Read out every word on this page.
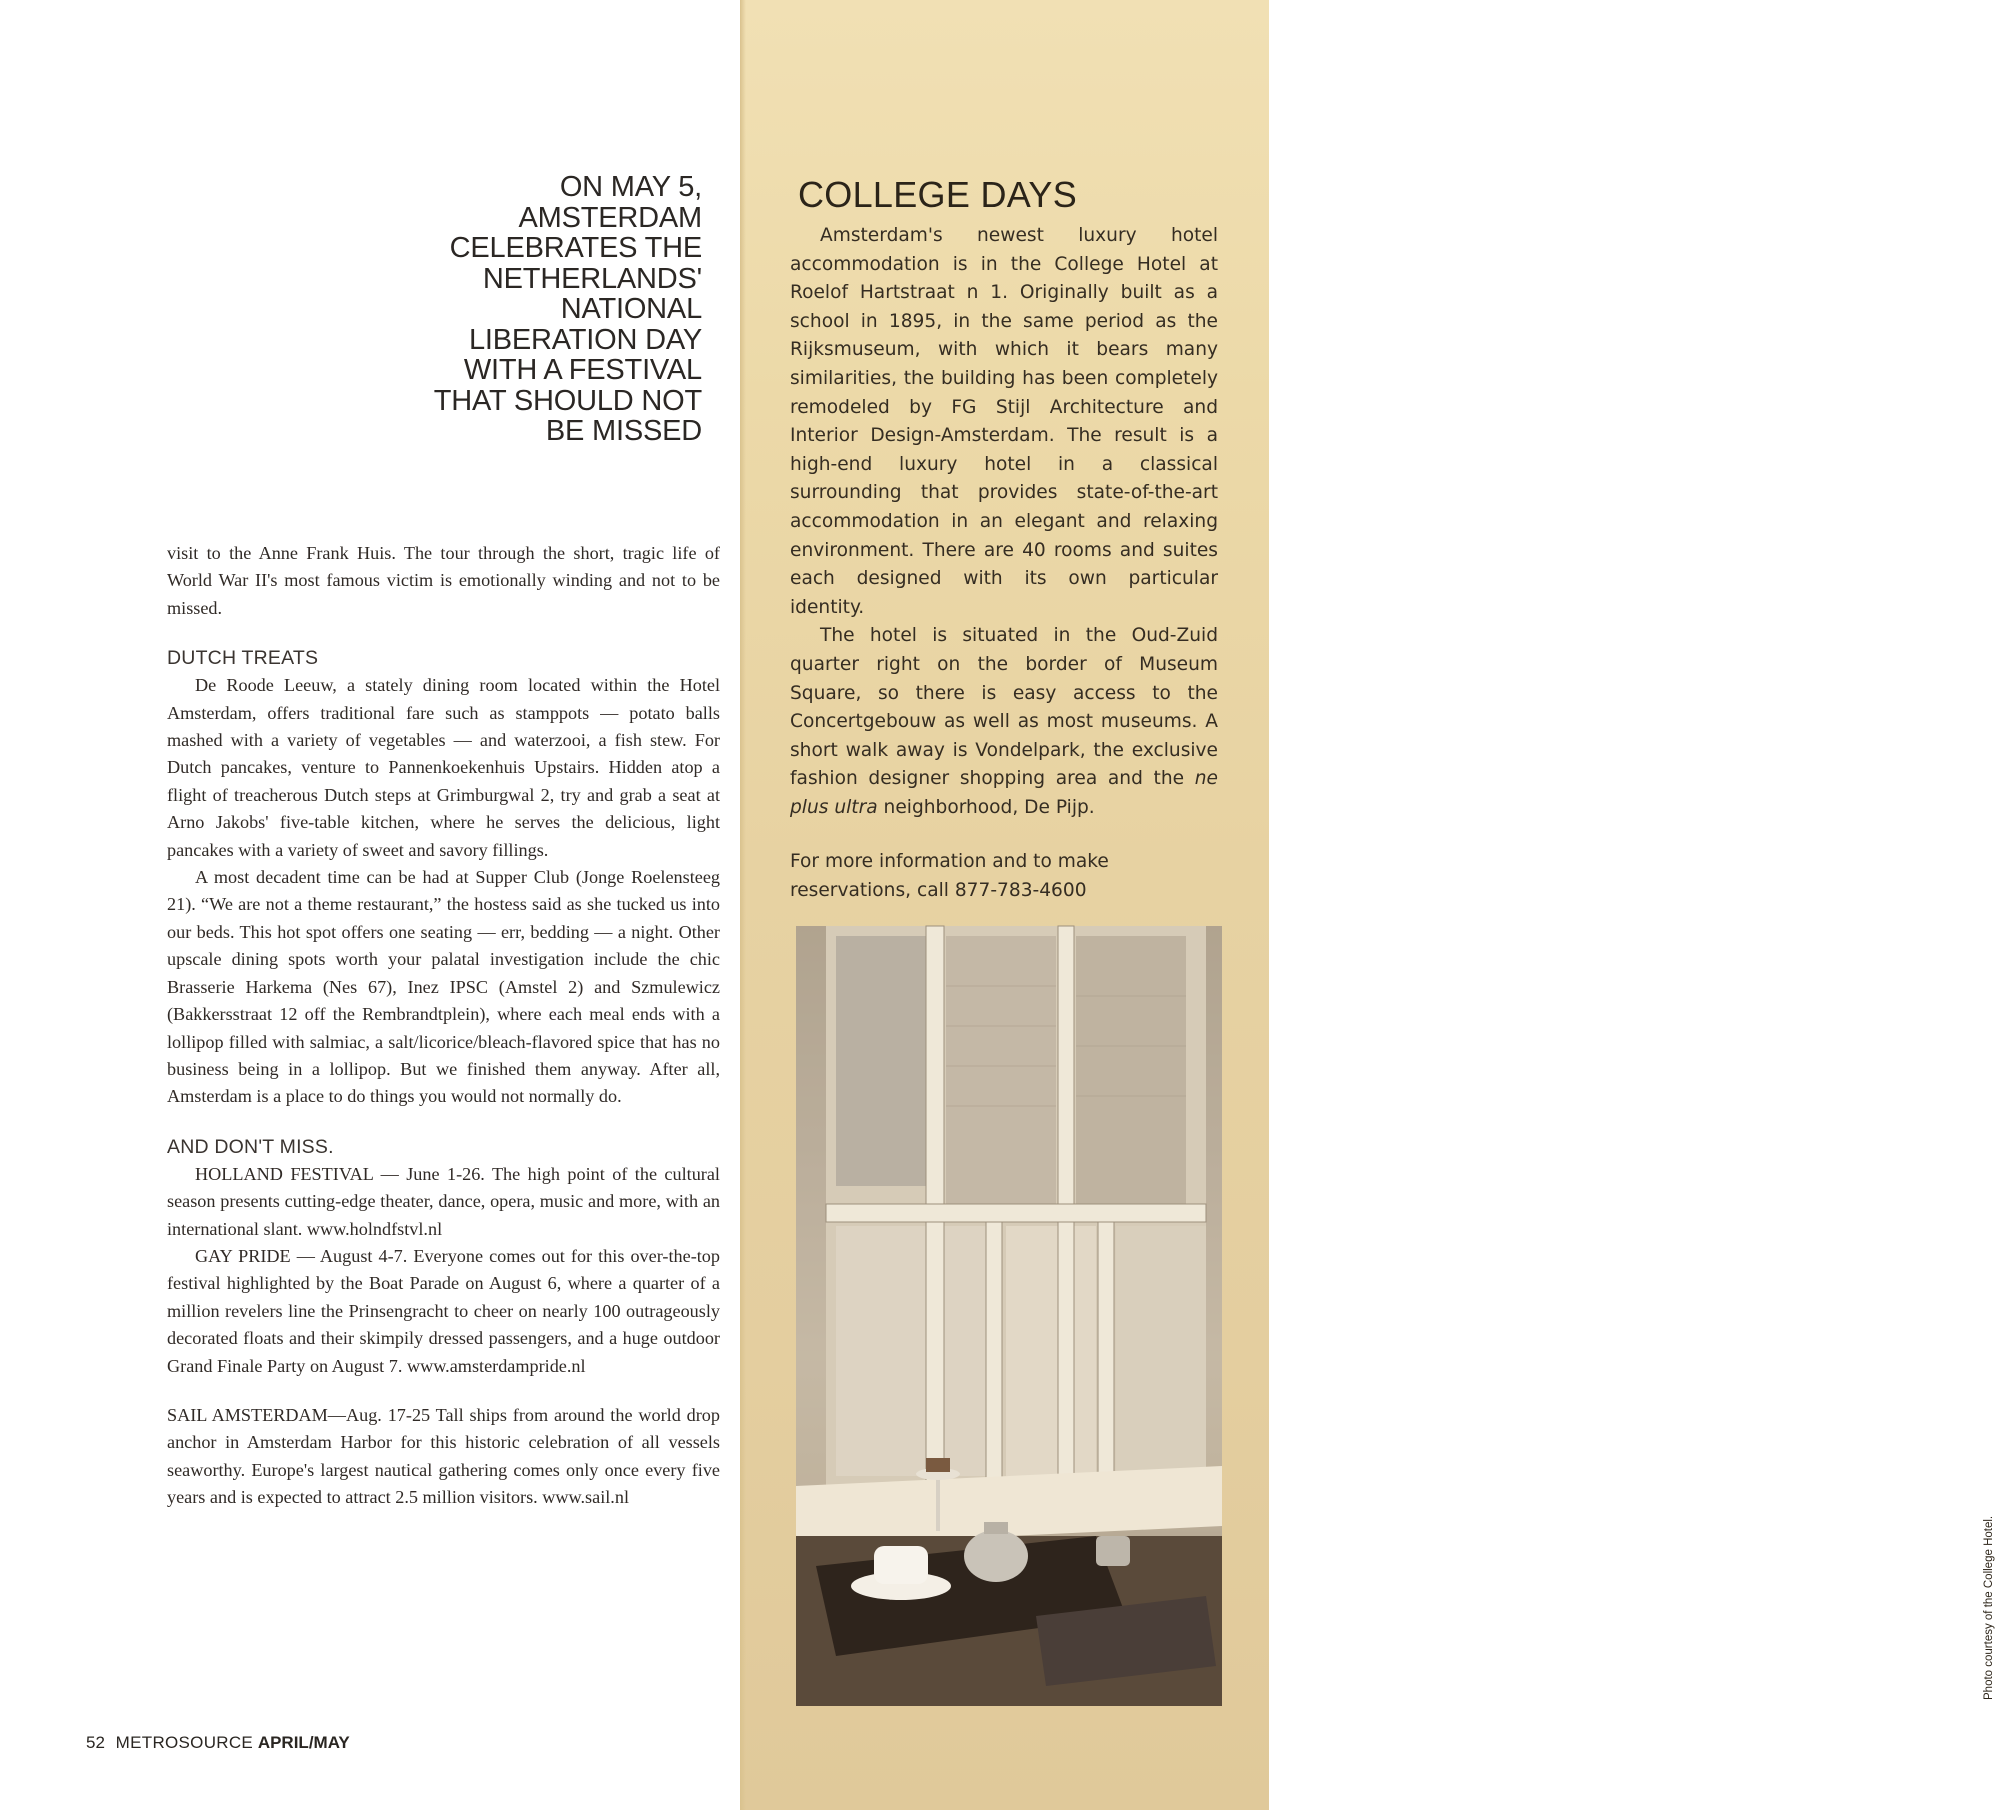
ON MAY 5,
AMSTERDAM
CELEBRATES THE
NETHERLANDS'
NATIONAL
LIBERATION DAY
WITH A FESTIVAL
THAT SHOULD NOT
BE MISSED

visit to the Anne Frank Huis. The tour through the short, tragic life of World War II's most famous victim is emotionally winding and not to be missed.

DUTCH TREATS

De Roode Leeuw, a stately dining room located within the Hotel Amsterdam, offers traditional fare such as stamppots — potato balls mashed with a variety of vegetables — and waterzooi, a fish stew. For Dutch pancakes, venture to Pannenkoekenhuis Upstairs. Hidden atop a flight of treacherous Dutch steps at Grimburgwal 2, try and grab a seat at Arno Jakobs' five-table kitchen, where he serves the delicious, light pancakes with a variety of sweet and savory fillings.

A most decadent time can be had at Supper Club (Jonge Roelensteeg 21). “We are not a theme restaurant,” the hostess said as she tucked us into our beds. This hot spot offers one seating — err, bedding — a night. Other upscale dining spots worth your palatal investigation include the chic Brasserie Harkema (Nes 67), Inez IPSC (Amstel 2) and Szmulewicz (Bakkersstraat 12 off the Rembrandtplein), where each meal ends with a lollipop filled with salmiac, a salt/licorice/bleach-flavored spice that has no business being in a lollipop. But we finished them anyway. After all, Amsterdam is a place to do things you would not normally do.

AND DON'T MISS.

HOLLAND FESTIVAL — June 1-26. The high point of the cultural season presents cutting-edge theater, dance, opera, music and more, with an international slant. www.holndfstvl.nl

GAY PRIDE — August 4-7. Everyone comes out for this over-the-top festival highlighted by the Boat Parade on August 6, where a quarter of a million revelers line the Prinsengracht to cheer on nearly 100 outrageously decorated floats and their skimpily dressed passengers, and a huge outdoor Grand Finale Party on August 7. www.amsterdampride.nl

SAIL AMSTERDAM—Aug. 17-25 Tall ships from around the world drop anchor in Amsterdam Harbor for this historic celebration of all vessels seaworthy. Europe's largest nautical gathering comes only once every five years and is expected to attract 2.5 million visitors. www.sail.nl

52 METROSOURCE APRIL/MAY
COLLEGE DAYS

Amsterdam's newest luxury hotel accommodation is in the College Hotel at Roelof Hartstraat n 1. Originally built as a school in 1895, in the same period as the Rijksmuseum, with which it bears many similarities, the building has been completely remodeled by FG Stijl Architecture and Interior Design-Amsterdam. The result is a high-end luxury hotel in a classical surrounding that provides state-of-the-art accommodation in an elegant and relaxing environment. There are 40 rooms and suites each designed with its own particular identity.

The hotel is situated in the Oud-Zuid quarter right on the border of Museum Square, so there is easy access to the Concertgebouw as well as most museums. A short walk away is Vondelpark, the exclusive fashion designer shopping area and the ne plus ultra neighborhood, De Pijp.

For more information and to make reservations, call 877-783-4600

Photo courtesy of the College Hotel.
